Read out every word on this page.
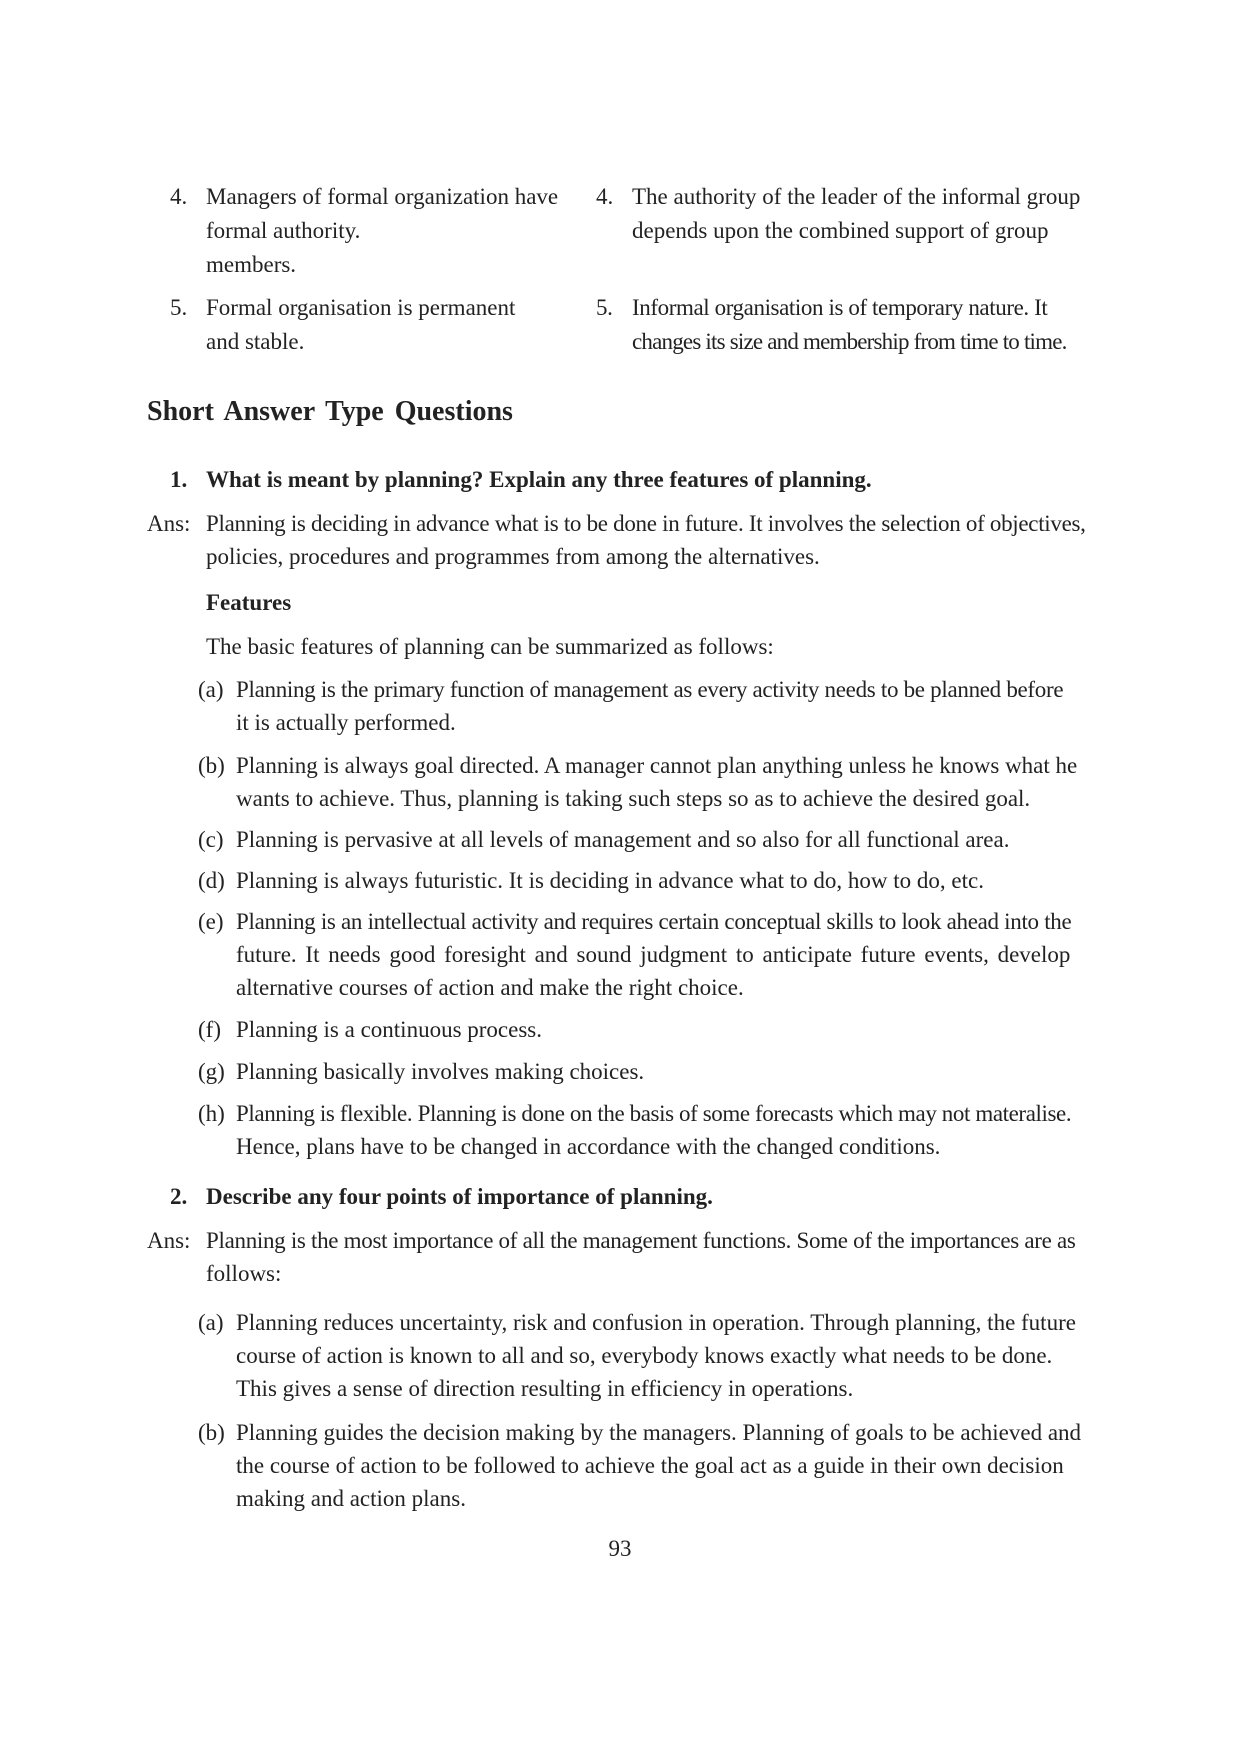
4. Managers of formal organization have
formal authority.
members.
4. The authority of the leader of the informal group
depends upon the combined support of group
5. Formal organisation is permanent
and stable.
5. Informal organisation is of temporary nature. It
changes its size and membership from time to time.
Short Answer Type Questions
1. What is meant by planning? Explain any three features of planning.
Ans: Planning is deciding in advance what is to be done in future. It involves the selection of objectives,
policies, procedures and programmes from among the alternatives.
Features
The basic features of planning can be summarized as follows:
(a) Planning is the primary function of management as every activity needs to be planned before
it is actually performed.
(b) Planning is always goal directed. A manager cannot plan anything unless he knows what he
wants to achieve. Thus, planning is taking such steps so as to achieve the desired goal.
(c) Planning is pervasive at all levels of management and so also for all functional area.
(d) Planning is always futuristic. It is deciding in advance what to do, how to do, etc.
(e) Planning is an intellectual activity and requires certain conceptual skills to look ahead into the
future. It needs good foresight and sound judgment to anticipate future events, develop
alternative courses of action and make the right choice.
(f) Planning is a continuous process.
(g) Planning basically involves making choices.
(h) Planning is flexible. Planning is done on the basis of some forecasts which may not materalise.
Hence, plans have to be changed in accordance with the changed conditions.
2. Describe any four points of importance of planning.
Ans: Planning is the most importance of all the management functions. Some of the importances are as
follows:
(a) Planning reduces uncertainty, risk and confusion in operation. Through planning, the future
course of action is known to all and so, everybody knows exactly what needs to be done.
This gives a sense of direction resulting in efficiency in operations.
(b) Planning guides the decision making by the managers. Planning of goals to be achieved and
the course of action to be followed to achieve the goal act as a guide in their own decision
making and action plans.
93
